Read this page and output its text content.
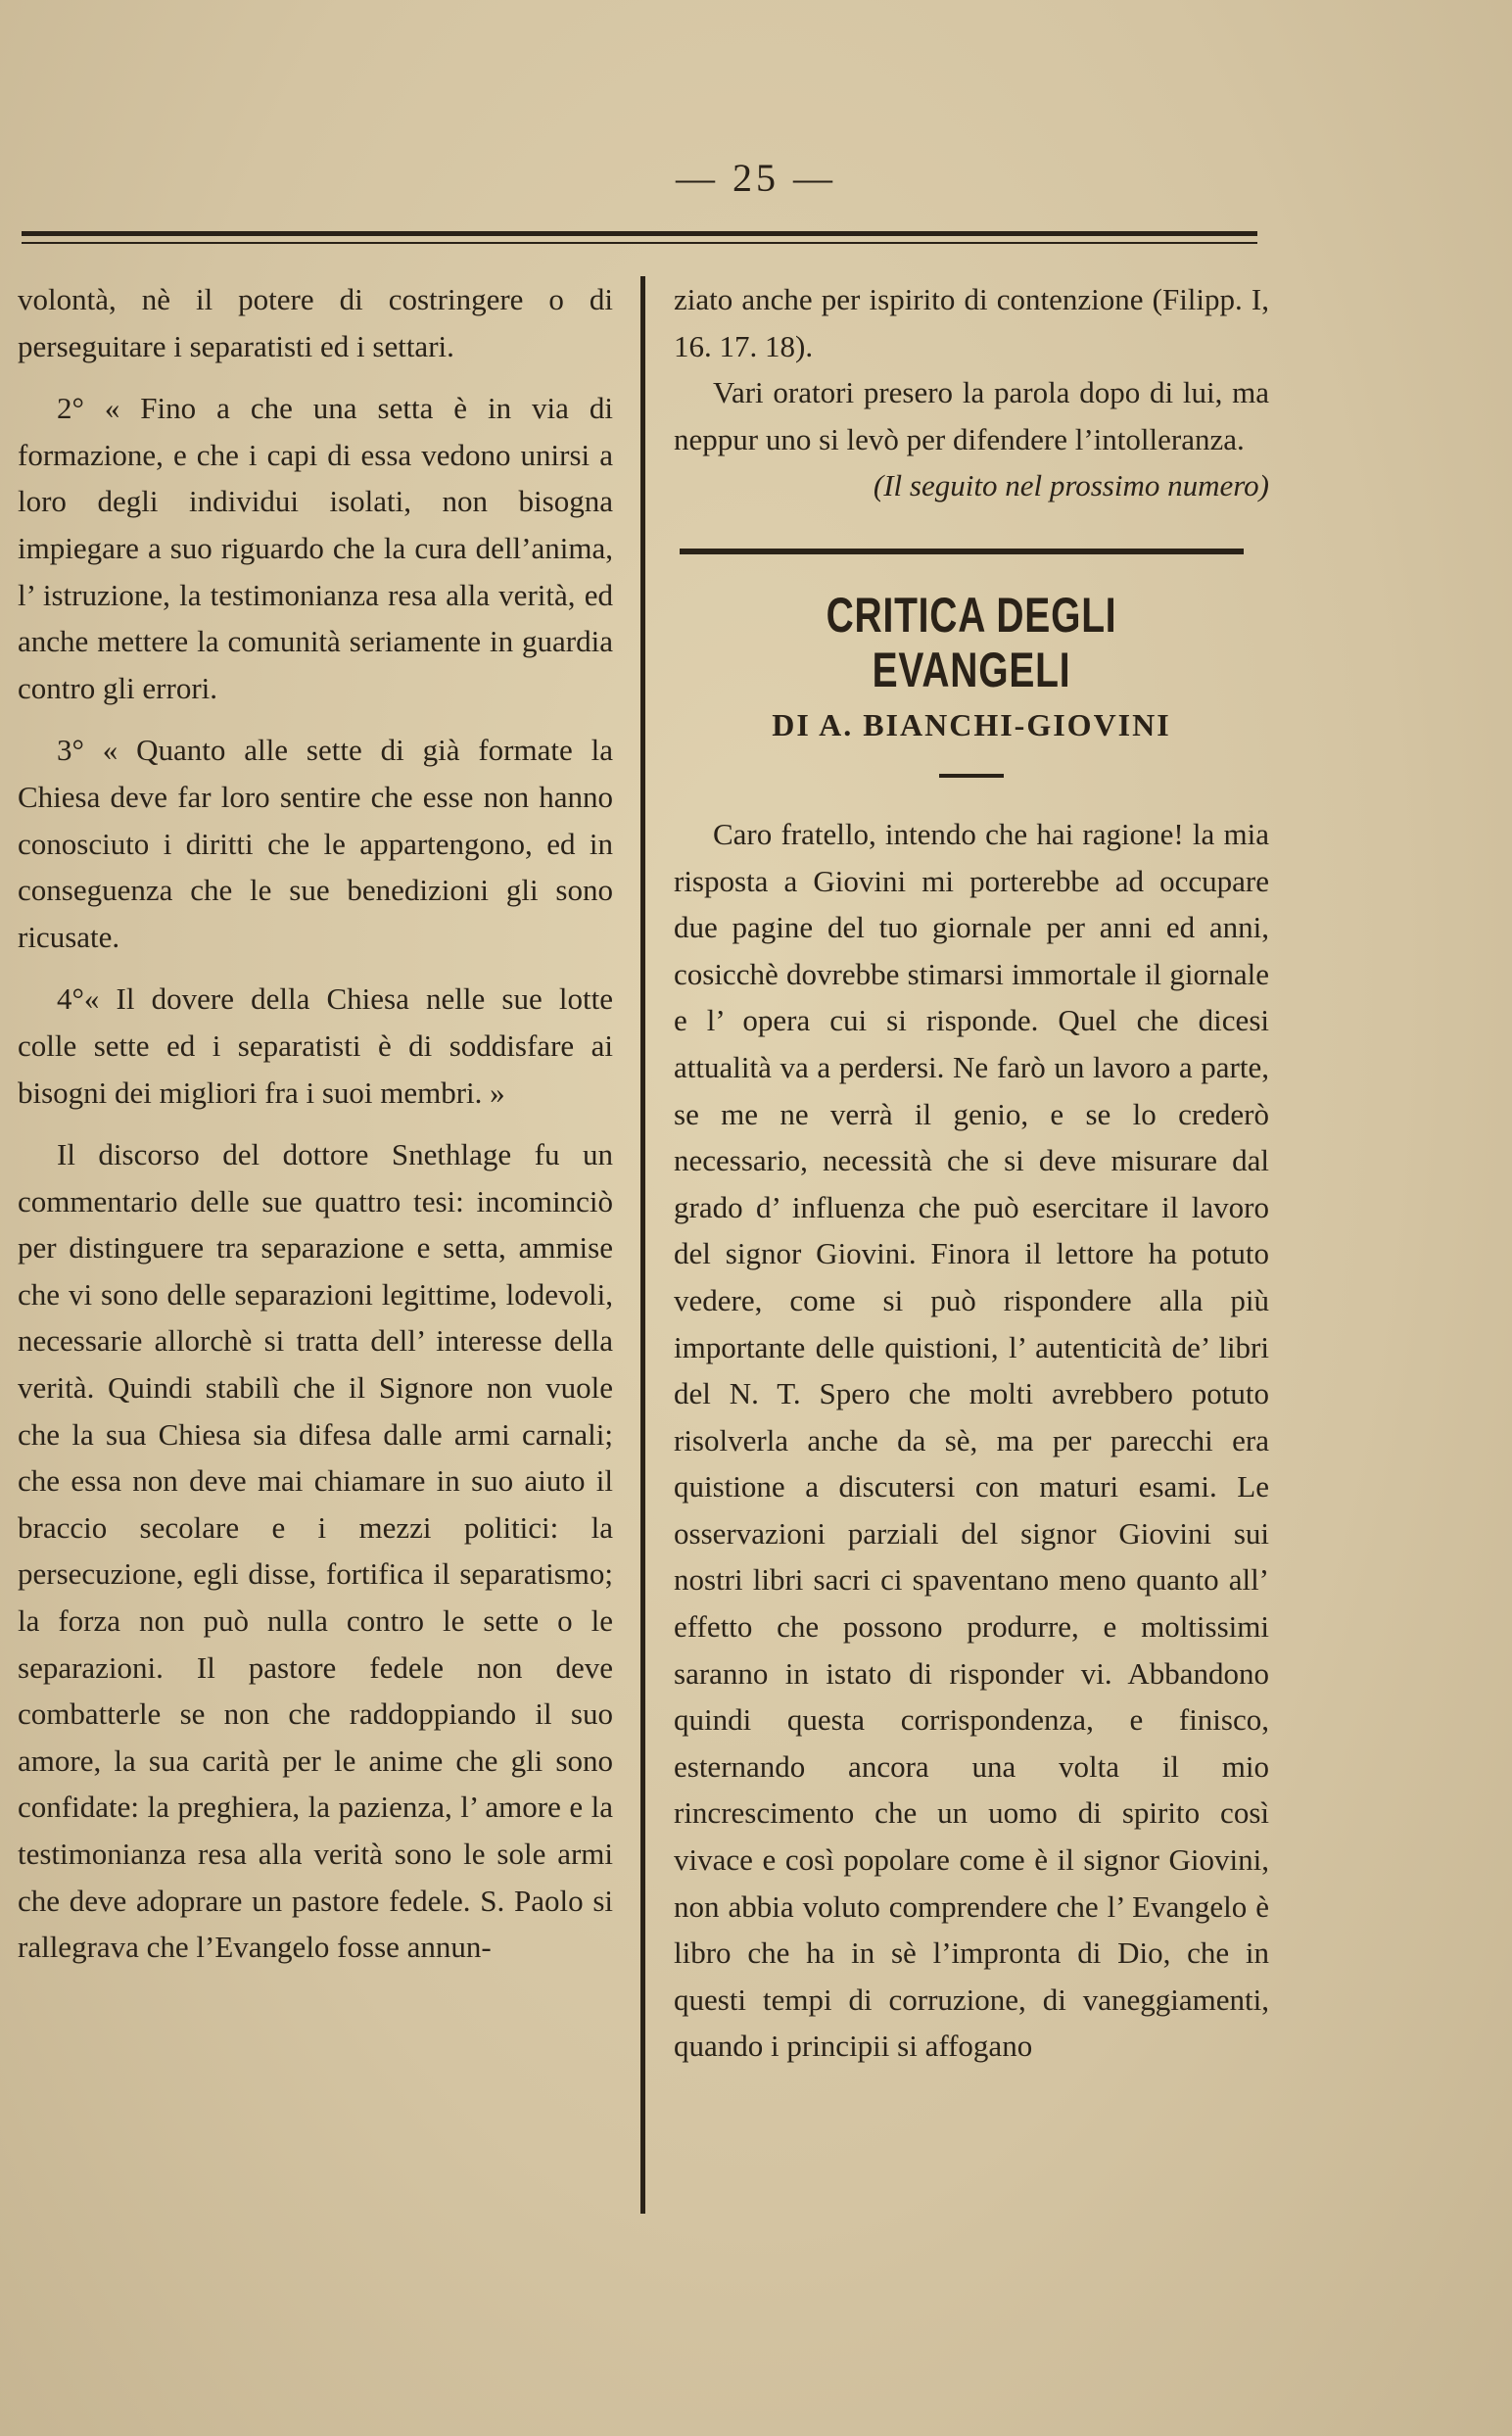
— 25 —

volontà, nè il potere di costringere o di perseguitare i separatisti ed i settari.

2° « Fino a che una setta è in via di formazione, e che i capi di essa vedono unirsi a loro degli individui isolati, non bisogna impiegare a suo riguardo che la cura dell’anima, l’ istruzione, la testimonianza resa alla verità, ed anche mettere la comunità seriamente in guardia contro gli errori.

3° « Quanto alle sette di già formate la Chiesa deve far loro sentire che esse non hanno conosciuto i diritti che le appartengono, ed in conseguenza che le sue benedizioni gli sono ricusate.

4°« Il dovere della Chiesa nelle sue lotte colle sette ed i separatisti è di soddisfare ai bisogni dei migliori fra i suoi membri. »

Il discorso del dottore Snethlage fu un commentario delle sue quattro tesi: incominciò per distinguere tra separazione e setta, ammise che vi sono delle separazioni legittime, lodevoli, necessarie allorchè si tratta dell’ interesse della verità. Quindi stabilì che il Signore non vuole che la sua Chiesa sia difesa dalle armi carnali; che essa non deve mai chiamare in suo aiuto il braccio secolare e i mezzi politici: la persecuzione, egli disse, fortifica il separatismo; la forza non può nulla contro le sette o le separazioni. Il pastore fedele non deve combatterle se non che raddoppiando il suo amore, la sua carità per le anime che gli sono confidate: la preghiera, la pazienza, l’ amore e la testimonianza resa alla verità sono le sole armi che deve adoprare un pastore fedele. S. Paolo si rallegrava che l’Evangelo fosse annun-

ziato anche per ispirito di contenzione (Filipp. I, 16. 17. 18).

Vari oratori presero la parola dopo di lui, ma neppur uno si levò per difendere l’intolleranza.

(Il seguito nel prossimo numero)

CRITICA DEGLI EVANGELI
DI A. BIANCHI-GIOVINI

Caro fratello, intendo che hai ragione! la mia risposta a Giovini mi porterebbe ad occupare due pagine del tuo giornale per anni ed anni, cosicchè dovrebbe stimarsi immortale il giornale e l’ opera cui si risponde. Quel che dicesi attualità va a perdersi. Ne farò un lavoro a parte, se me ne verrà il genio, e se lo crederò necessario, necessità che si deve misurare dal grado d’ influenza che può esercitare il lavoro del signor Giovini. Finora il lettore ha potuto vedere, come si può rispondere alla più importante delle quistioni, l’ autenticità de’ libri del N. T. Spero che molti avrebbero potuto risolverla anche da sè, ma per parecchi era quistione a discutersi con maturi esami. Le osservazioni parziali del signor Giovini sui nostri libri sacri ci spaventano meno quanto all’ effetto che possono produrre, e moltissimi saranno in istato di risponder vi. Abbandono quindi questa corrispondenza, e finisco, esternando ancora una volta il mio rincrescimento che un uomo di spirito così vivace e così popolare come è il signor Giovini, non abbia voluto comprendere che l’ Evangelo è libro che ha in sè l’impronta di Dio, che in questi tempi di corruzione, di vaneggiamenti, quando i principii si affogano
